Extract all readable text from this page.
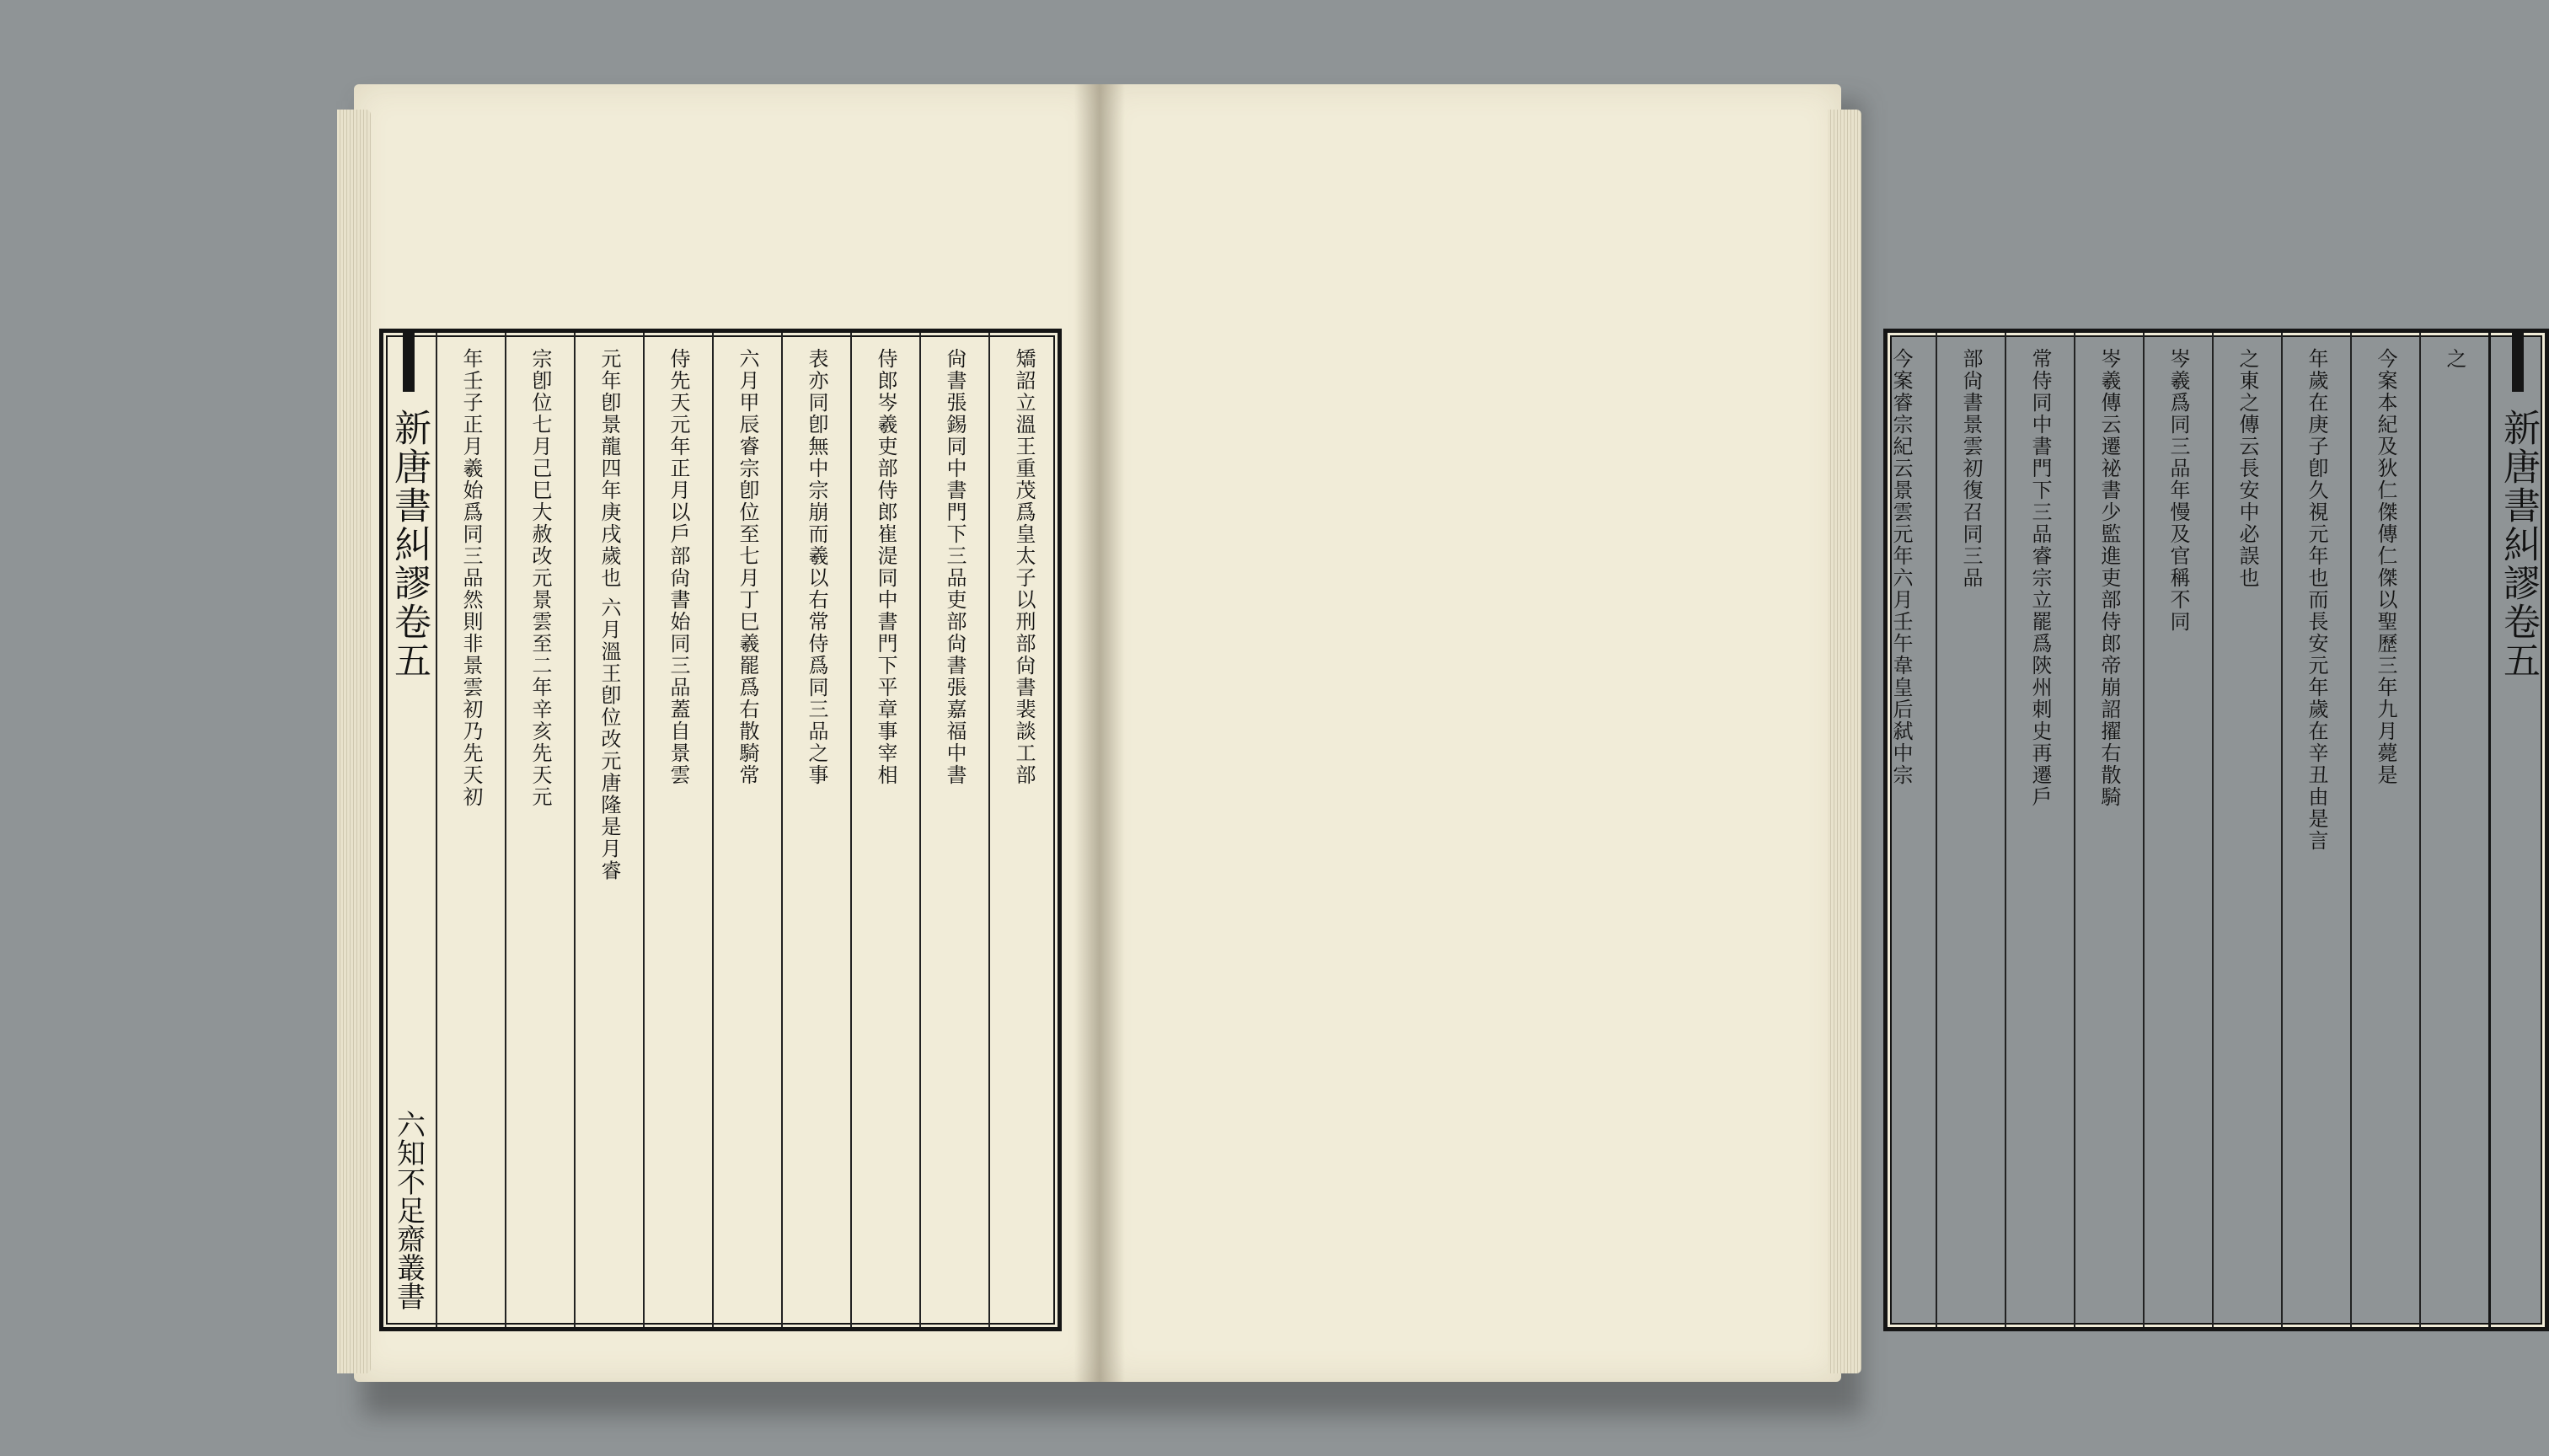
矯詔立溫王重茂爲皇太子以刑部尙書裴談工部
尙書張錫同中書門下三品吏部尙書張嘉福中書
侍郎岑羲吏部侍郎崔湜同中書門下平章事宰相
表亦同卽無中宗崩而羲以右常侍爲同三品之事
六月甲辰睿宗卽位至七月丁巳羲罷爲右散騎常
侍先天元年正月以戶部尙書始同三品蓋自景雲
元年卽景龍四年庚戌歲也 六月溫王卽位改元唐隆是月睿
宗卽位七月己巳大赦改元景雲至二年辛亥先天元
年壬子正月羲始爲同三品然則非景雲初乃先天初
新唐書糾謬卷五
六知不足齋叢書
新唐書糾謬卷五
之
今案本紀及狄仁傑傳仁傑以聖歷三年九月薨是
年歲在庚子卽久視元年也而長安元年歲在辛丑由是言
之東之傳云長安中必誤也
岑羲爲同三品年慢及官稱不同
岑羲傳云遷祕書少監進吏部侍郎帝崩詔擢右散騎
常侍同中書門下三品睿宗立罷爲陝州刺史再遷戶
部尙書景雲初復召同三品
今案睿宗紀云景雲元年六月壬午韋皇后弑中宗
